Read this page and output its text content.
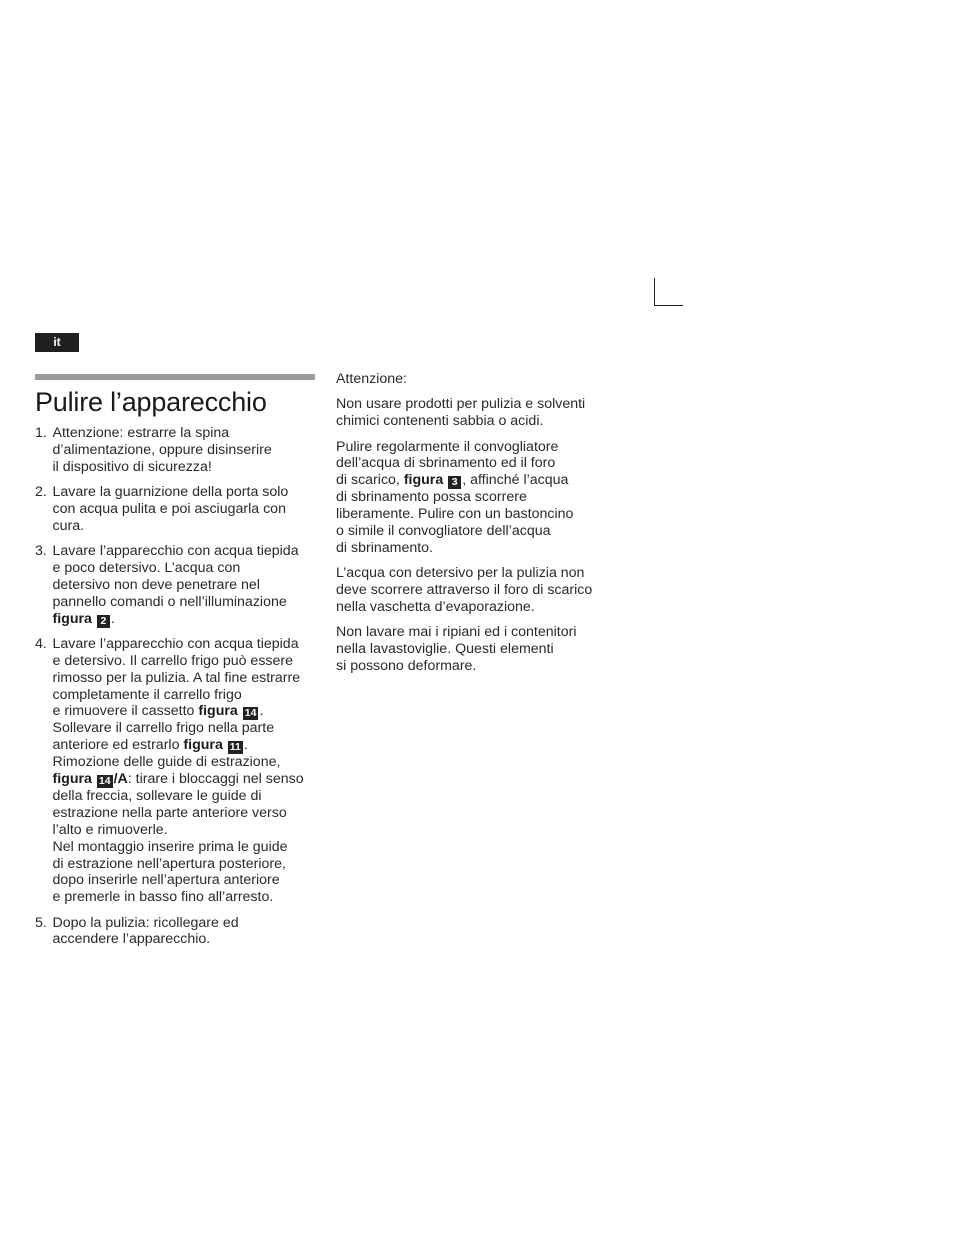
it
Pulire l’apparecchio
1. Attenzione: estrarre la spina
d’alimentazione, oppure disinserire
il dispositivo di sicurezza!
2. Lavare la guarnizione della porta solo
con acqua pulita e poi asciugarla con
cura.
3. Lavare l’apparecchio con acqua tiepida
e poco detersivo. L’acqua con
detersivo non deve penetrare nel
pannello comandi o nell’illuminazione
figura 2 .
4. Lavare l’apparecchio con acqua tiepida
e detersivo. Il carrello frigo può essere
rimosso per la pulizia. A tal fine estrarre
completamente il carrello frigo
e rimuovere il cassetto figura 14 .
Sollevare il carrello frigo nella parte
anteriore ed estrarlo figura 11 .
Rimozione delle guide di estrazione,
figura 14 /A: tirare i bloccaggi nel senso
della freccia, sollevare le guide di
estrazione nella parte anteriore verso
l’alto e rimuoverle.
Nel montaggio inserire prima le guide
di estrazione nell’apertura posteriore,
dopo inserirle nell’apertura anteriore
e premerle in basso fino all’arresto.
5. Dopo la pulizia: ricollegare ed
accendere l’apparecchio.

Attenzione:

Non usare prodotti per pulizia e solventi
chimici contenenti sabbia o acidi.

Pulire regolarmente il convogliatore
dell’acqua di sbrinamento ed il foro
di scarico, figura 3 , affinché l’acqua
di sbrinamento possa scorrere
liberamente. Pulire con un bastoncino
o simile il convogliatore dell’acqua
di sbrinamento.

L’acqua con detersivo per la pulizia non
deve scorrere attraverso il foro di scarico
nella vaschetta d’evaporazione.

Non lavare mai i ripiani ed i contenitori
nella lavastoviglie. Questi elementi
si possono deformare.
